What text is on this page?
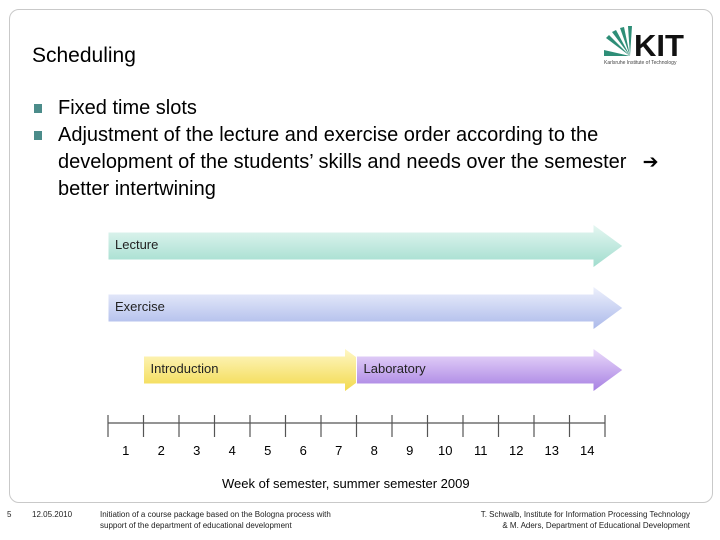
Scheduling	KIT
Karlsruhe Institute of Technology
Fixed time slots
Adjustment of the lecture and exercise order according to the development of the students’ skills and needs over the semester   ➔  better intertwining
Lecture
Exercise
Introduction	Laboratory
1	2	3	4	5	6	7	8	9	10	11	12	13	14
Week of semester, summer semester 2009
5	12.05.2010	Initiation of a course package based on the Bologna process with
support of the department of educational development
T. Schwalb, Institute for Information Processing Technology
& M. Aders, Department of Educational Development
